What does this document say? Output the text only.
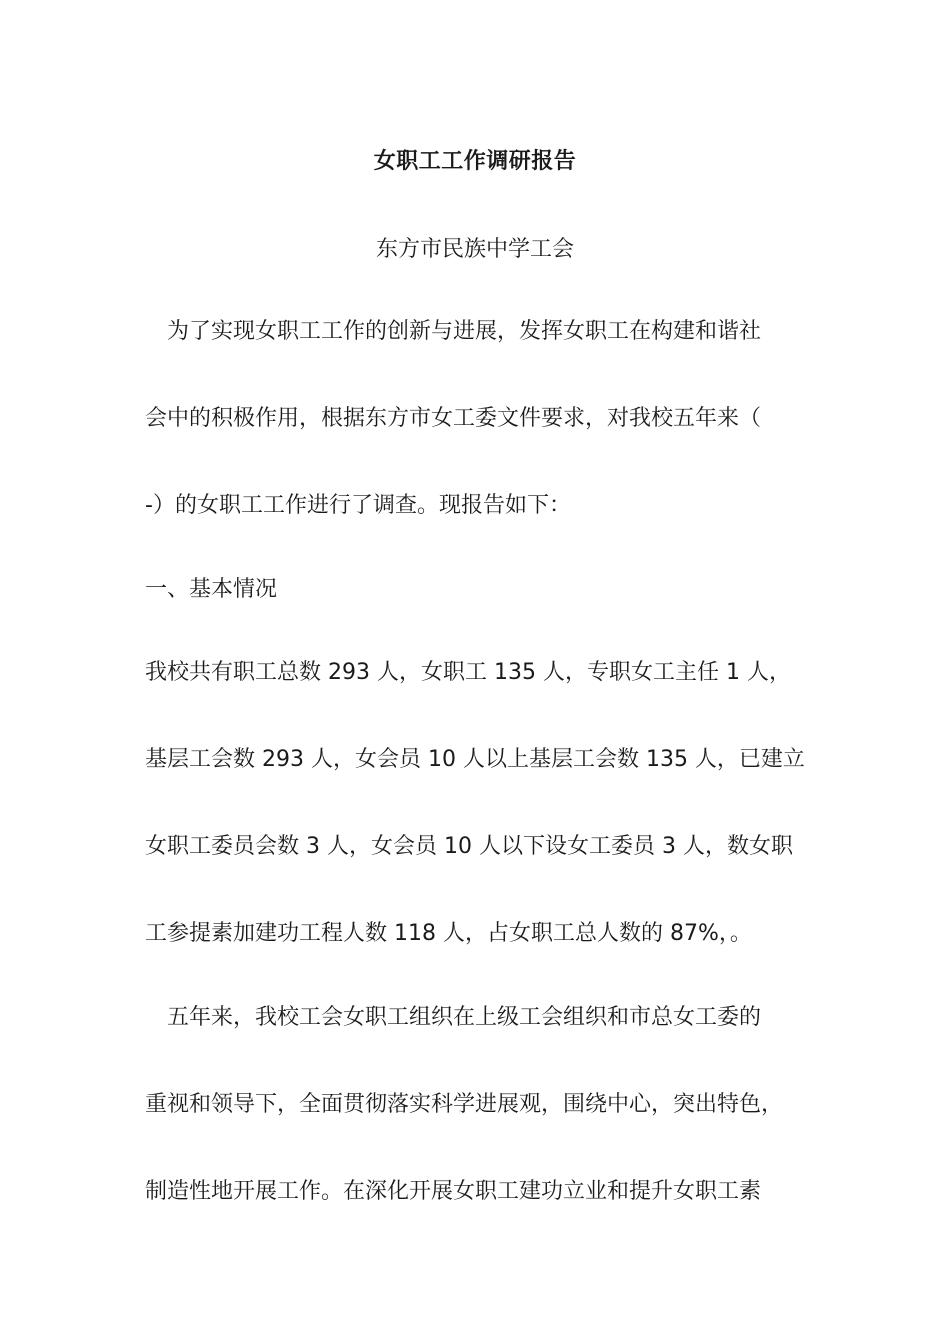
女职工工作调研报告
东方市民族中学工会
　为了实现女职工工作的创新与进展，发挥女职工在构建和谐社
会中的积极作用，根据东方市女工委文件要求，对我校五年来（
-）的女职工工作进行了调查。现报告如下：
一、基本情况
我校共有职工总数 293 人，女职工 135 人，专职女工主任 1 人，
基层工会数 293 人，女会员 10 人以上基层工会数 135 人，已建立
女职工委员会数 3 人，女会员 10 人以下设女工委员 3 人，数女职
工参提素加建功工程人数 118 人，占女职工总人数的 87%，。
　五年来，我校工会女职工组织在上级工会组织和市总女工委的
重视和领导下，全面贯彻落实科学进展观，围绕中心，突出特色，
制造性地开展工作。在深化开展女职工建功立业和提升女职工素
